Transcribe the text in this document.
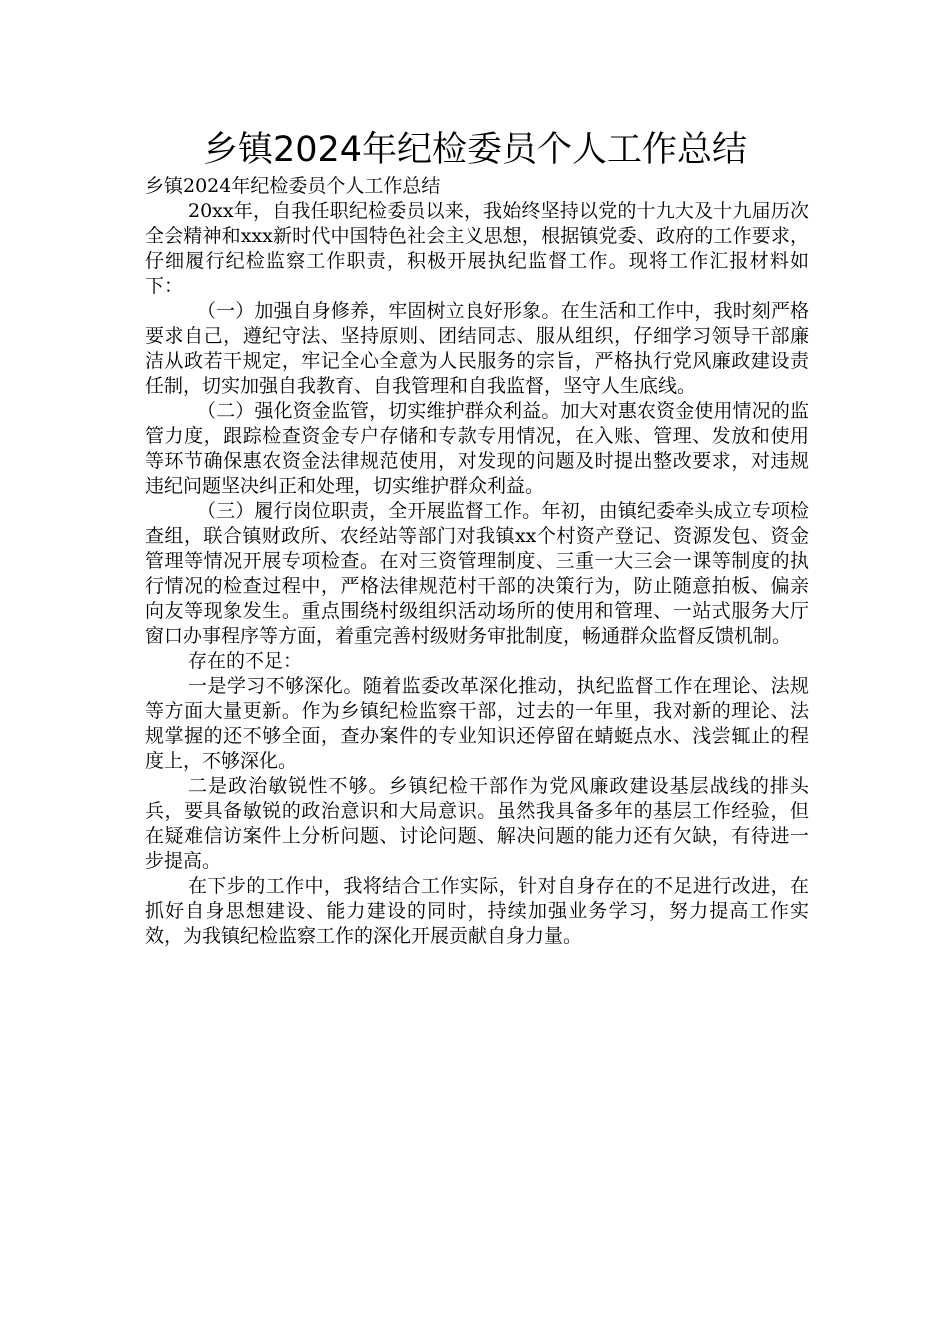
乡镇2024年纪检委员个人工作总结

乡镇2024年纪检委员个人工作总结

20xx年，自我任职纪检委员以来，我始终坚持以党的十九大及十九届历次全会精神和xxx新时代中国特色社会主义思想，根据镇党委、政府的工作要求，仔细履行纪检监察工作职责，积极开展执纪监督工作。现将工作汇报材料如下：

（一）加强自身修养，牢固树立良好形象。在生活和工作中，我时刻严格要求自己，遵纪守法、坚持原则、团结同志、服从组织，仔细学习领导干部廉洁从政若干规定，牢记全心全意为人民服务的宗旨，严格执行党风廉政建设责任制，切实加强自我教育、自我管理和自我监督，坚守人生底线。

（二）强化资金监管，切实维护群众利益。加大对惠农资金使用情况的监管力度，跟踪检查资金专户存储和专款专用情况，在入账、管理、发放和使用等环节确保惠农资金法律规范使用，对发现的问题及时提出整改要求，对违规违纪问题坚决纠正和处理，切实维护群众利益。

（三）履行岗位职责，全开展监督工作。年初，由镇纪委牵头成立专项检查组，联合镇财政所、农经站等部门对我镇xx个村资产登记、资源发包、资金管理等情况开展专项检查。在对三资管理制度、三重一大三会一课等制度的执行情况的检查过程中，严格法律规范村干部的决策行为，防止随意拍板、偏亲向友等现象发生。重点围绕村级组织活动场所的使用和管理、一站式服务大厅窗口办事程序等方面，着重完善村级财务审批制度，畅通群众监督反馈机制。

存在的不足：

一是学习不够深化。随着监委改革深化推动，执纪监督工作在理论、法规等方面大量更新。作为乡镇纪检监察干部，过去的一年里，我对新的理论、法规掌握的还不够全面，查办案件的专业知识还停留在蜻蜓点水、浅尝辄止的程度上，不够深化。

二是政治敏锐性不够。乡镇纪检干部作为党风廉政建设基层战线的排头兵，要具备敏锐的政治意识和大局意识。虽然我具备多年的基层工作经验，但在疑难信访案件上分析问题、讨论问题、解决问题的能力还有欠缺，有待进一步提高。

在下步的工作中，我将结合工作实际，针对自身存在的不足进行改进，在抓好自身思想建设、能力建设的同时，持续加强业务学习，努力提高工作实效，为我镇纪检监察工作的深化开展贡献自身力量。
